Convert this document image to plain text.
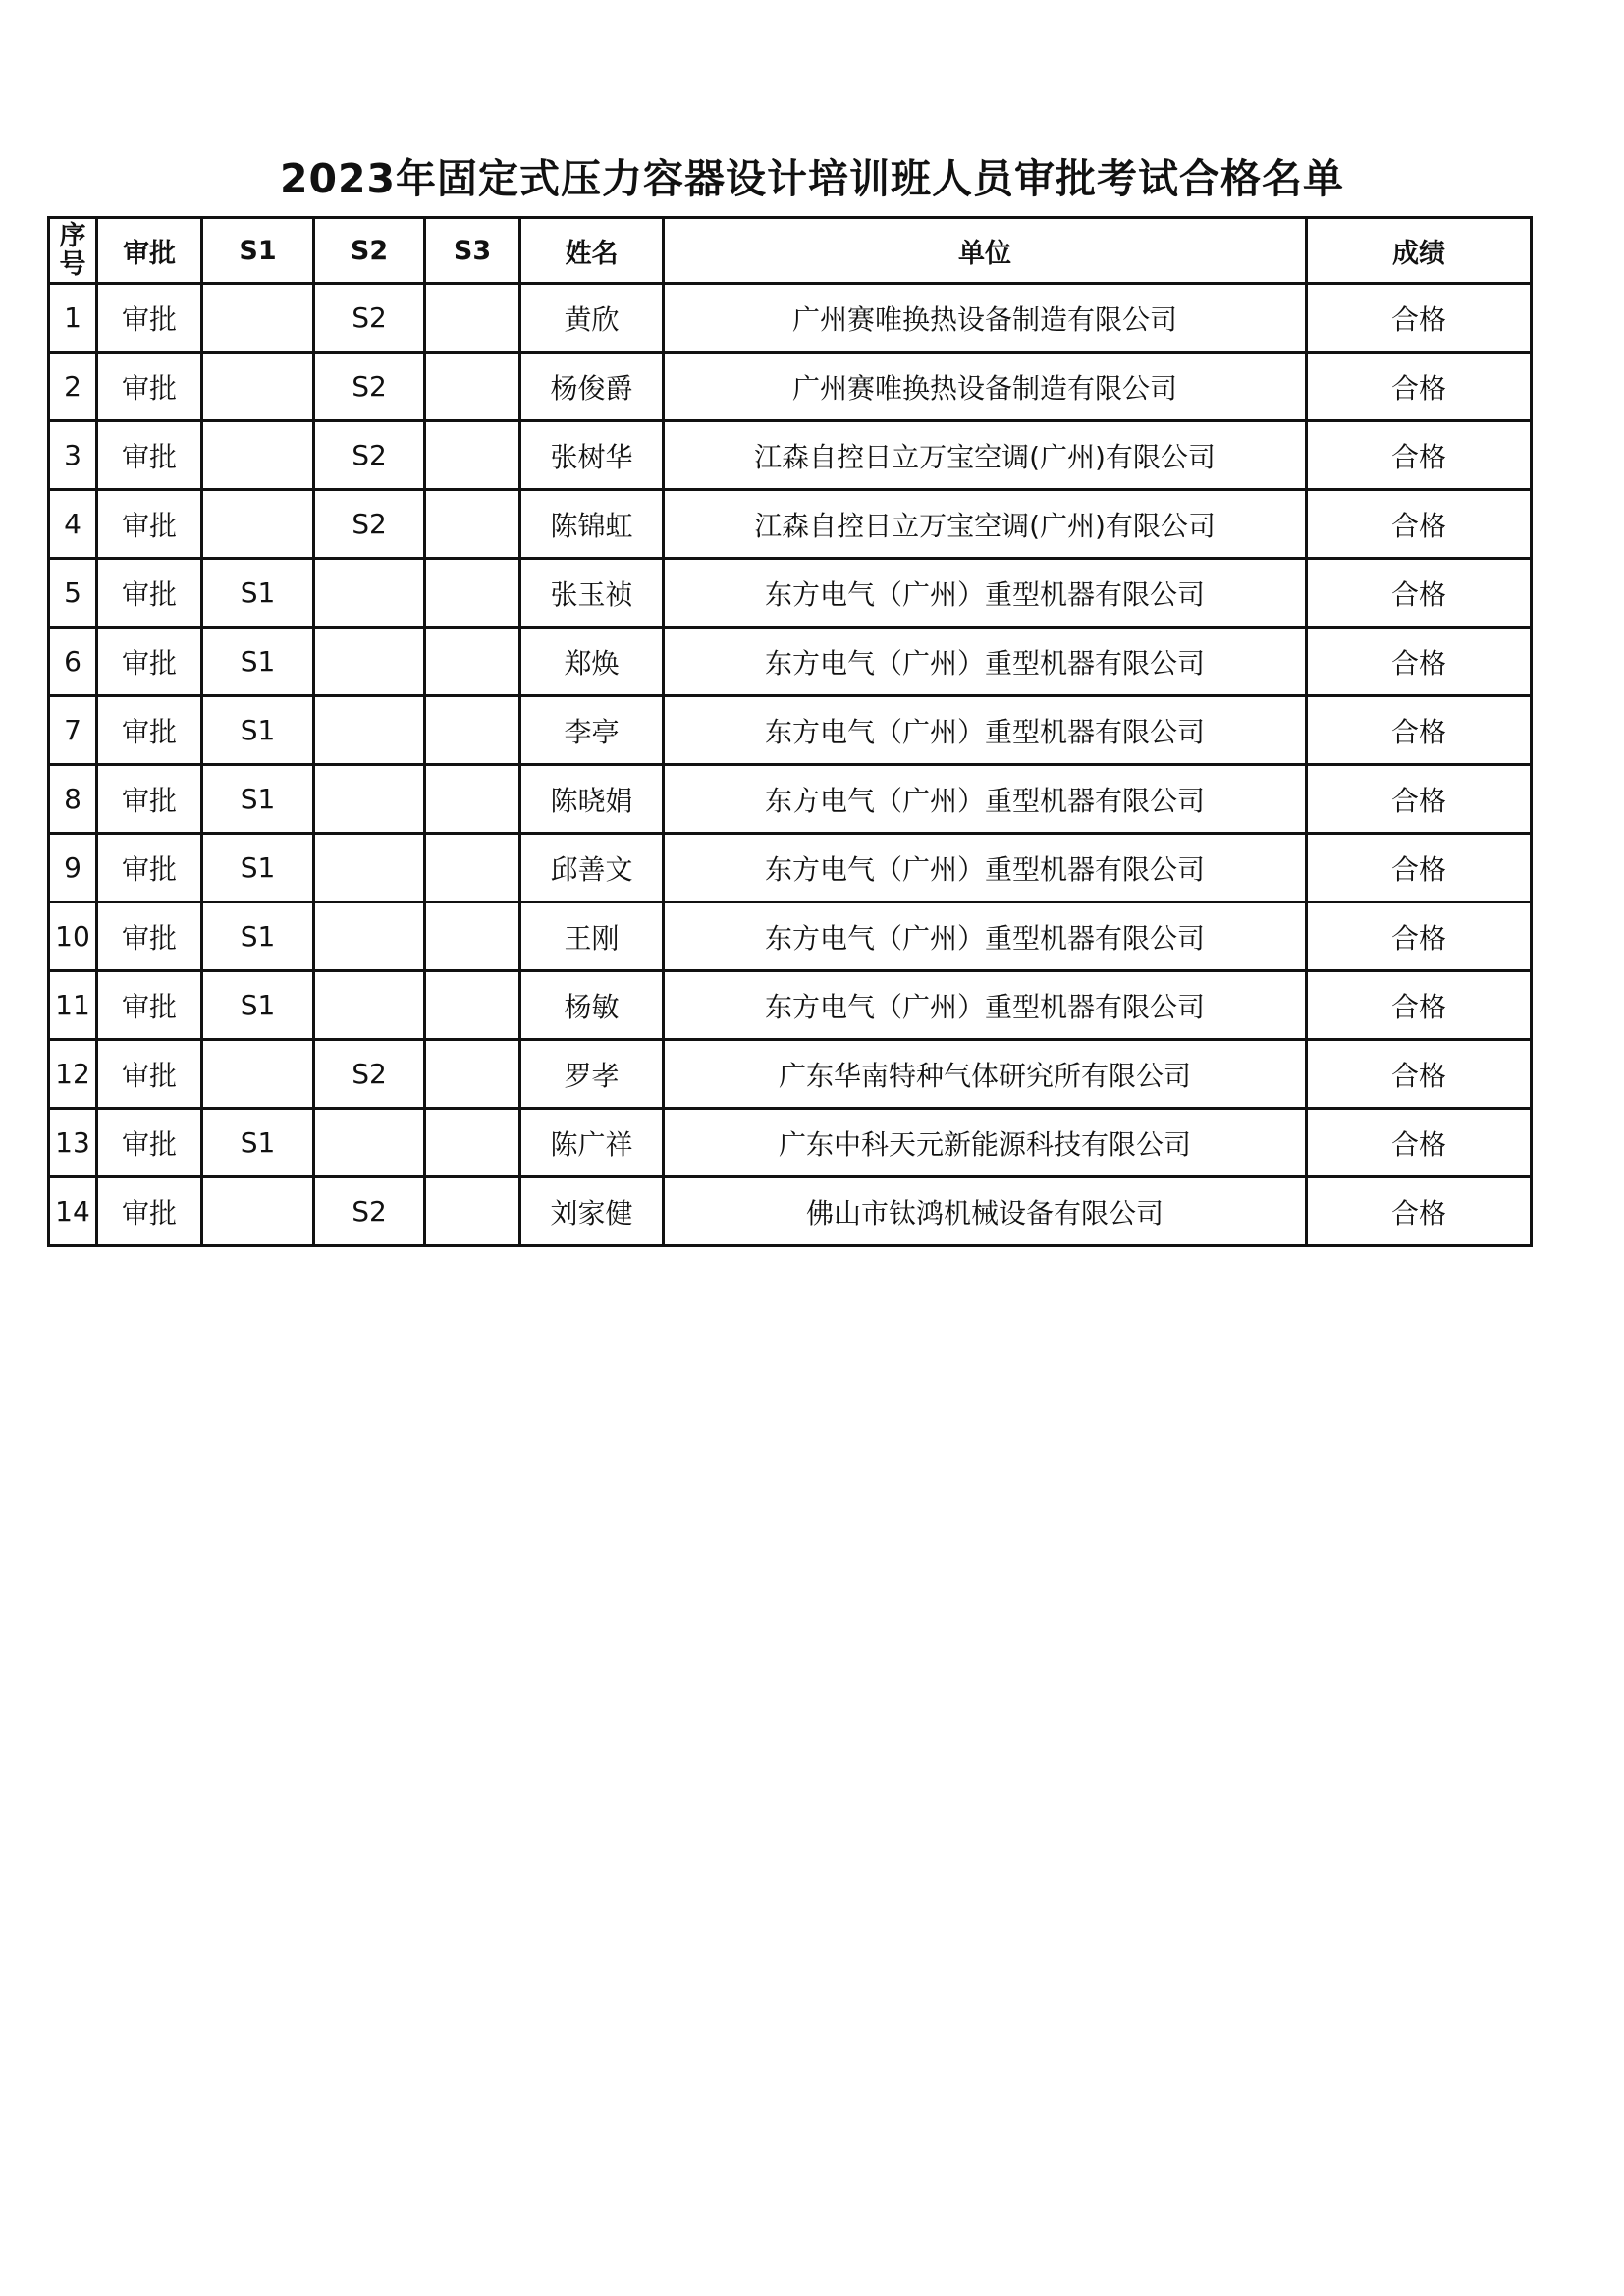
2023年固定式压力容器设计培训班人员审批考试合格名单
序号	审批	S1	S2	S3	姓名	单位	成绩
1	审批		S2		黄欣	广州赛唯换热设备制造有限公司	合格
2	审批		S2		杨俊爵	广州赛唯换热设备制造有限公司	合格
3	审批		S2		张树华	江森自控日立万宝空调(广州)有限公司	合格
4	审批		S2		陈锦虹	江森自控日立万宝空调(广州)有限公司	合格
5	审批	S1			张玉祯	东方电气（广州）重型机器有限公司	合格
6	审批	S1			郑焕	东方电气（广州）重型机器有限公司	合格
7	审批	S1			李亭	东方电气（广州）重型机器有限公司	合格
8	审批	S1			陈晓娟	东方电气（广州）重型机器有限公司	合格
9	审批	S1			邱善文	东方电气（广州）重型机器有限公司	合格
10	审批	S1			王刚	东方电气（广州）重型机器有限公司	合格
11	审批	S1			杨敏	东方电气（广州）重型机器有限公司	合格
12	审批		S2		罗孝	广东华南特种气体研究所有限公司	合格
13	审批	S1			陈广祥	广东中科天元新能源科技有限公司	合格
14	审批		S2		刘家健	佛山市钛鸿机械设备有限公司	合格
